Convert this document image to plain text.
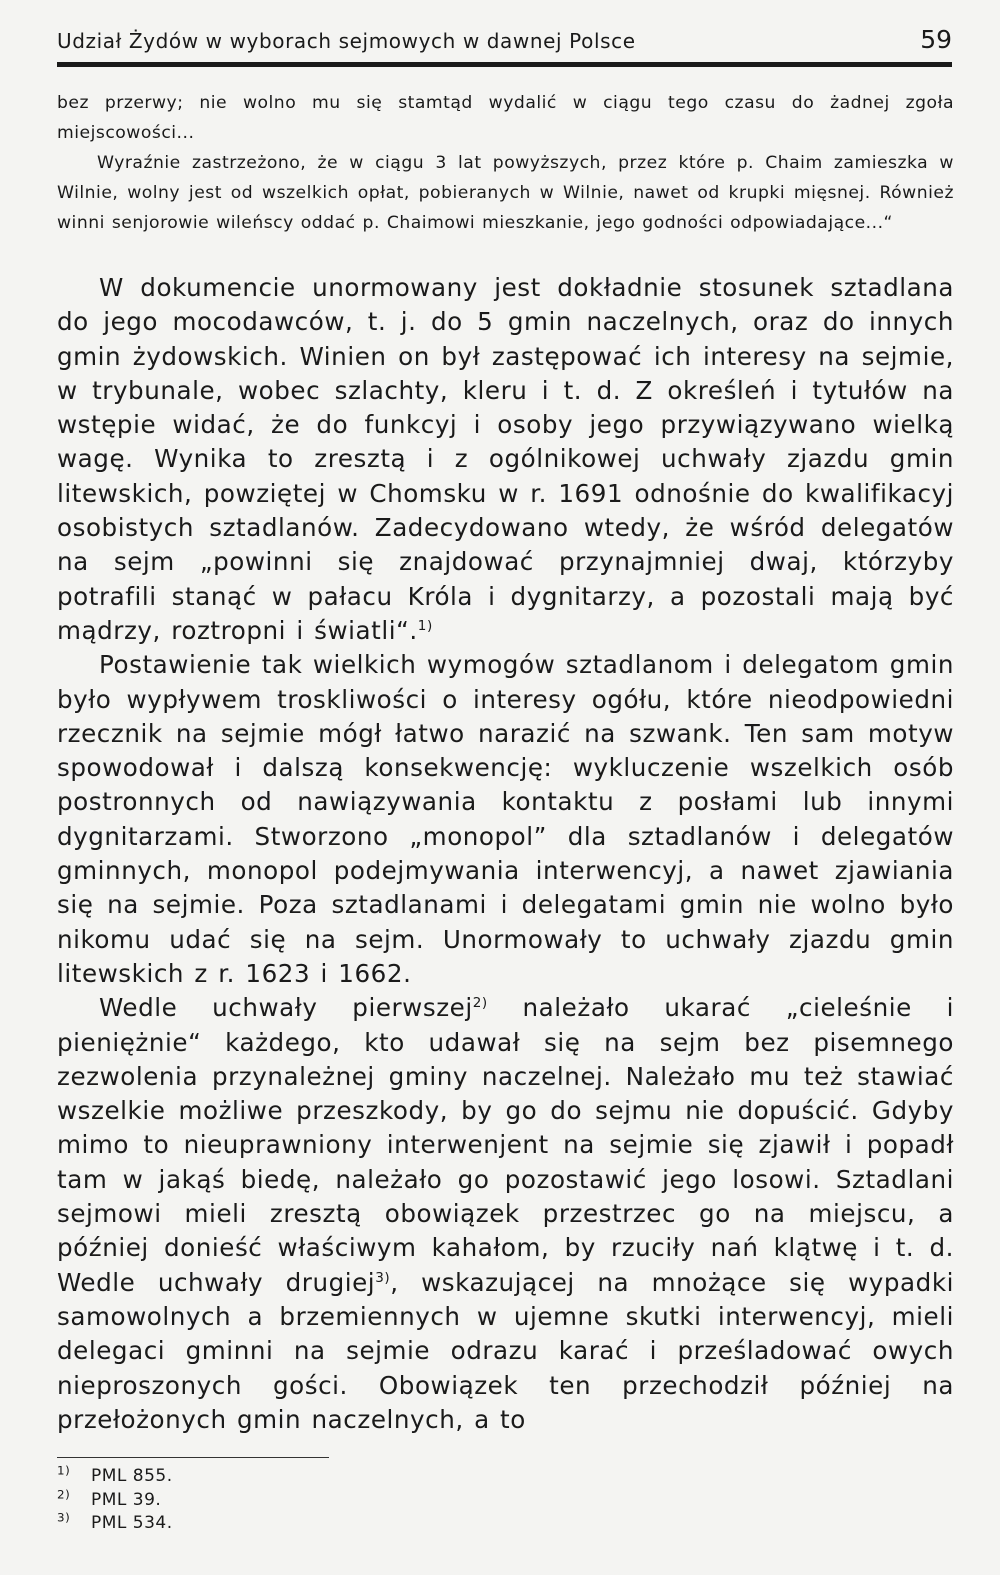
Udział Żydów w wyborach sejmowych w dawnej Polsce	59

bez przerwy; nie wolno mu się stamtąd wydalić w ciągu tego czasu do żadnej zgoła miejscowości...

Wyraźnie zastrzeżono, że w ciągu 3 lat powyższych, przez które p. Chaim zamieszka w Wilnie, wolny jest od wszelkich opłat, pobieranych w Wilnie, nawet od krupki mięsnej. Również winni senjorowie wileńscy oddać p. Chaimowi mieszkanie, jego godności odpowiadające...“

W dokumencie unormowany jest dokładnie stosunek sztadlana do jego mocodawców, t. j. do 5 gmin naczelnych, oraz do innych gmin żydowskich. Winien on był zastępować ich interesy na sejmie, w trybunale, wobec szlachty, kleru i t. d. Z określeń i tytułów na wstępie widać, że do funkcyj i osoby jego przywiązywano wielką wagę. Wynika to zresztą i z ogólnikowej uchwały zjazdu gmin litewskich, powziętej w Chomsku w r. 1691 odnośnie do kwalifikacyj osobistych sztadlanów. Zadecydowano wtedy, że wśród delegatów na sejm „powinni się znajdować przynajmniej dwaj, którzyby potrafili stanąć w pałacu Króla i dygnitarzy, a pozostali mają być mądrzy, roztropni i światli“.$^{1)}$

Postawienie tak wielkich wymogów sztadlanom i delegatom gmin było wypływem troskliwości o interesy ogółu, które nieodpowiedni rzecznik na sejmie mógł łatwo narazić na szwank. Ten sam motyw spowodował i dalszą konsekwencję: wykluczenie wszelkich osób postronnych od nawiązywania kontaktu z posłami lub innymi dygnitarzami. Stworzono „monopol” dla sztadlanów i delegatów gminnych, monopol podejmywania interwencyj, a nawet zjawiania się na sejmie. Poza sztadlanami i delegatami gmin nie wolno było nikomu udać się na sejm. Unormowały to uchwały zjazdu gmin litewskich z r. 1623 i 1662.

Wedle uchwały pierwszej$^{2)}$ należało ukarać „cieleśnie i pieniężnie“ każdego, kto udawał się na sejm bez pisemnego zezwolenia przynależnej gminy naczelnej. Należało mu też stawiać wszelkie możliwe przeszkody, by go do sejmu nie dopuścić. Gdyby mimo to nieuprawniony interwenjent na sejmie się zjawił i popadł tam w jakąś biedę, należało go pozostawić jego losowi. Sztadlani sejmowi mieli zresztą obowiązek przestrzec go na miejscu, a później donieść właściwym kahałom, by rzuciły nań klątwę i t. d. Wedle uchwały drugiej$^{3)}$, wskazującej na mnożące się wypadki samowolnych a brzemiennych w ujemne skutki interwencyj, mieli delegaci gminni na sejmie odrazu karać i prześladować owych nieproszonych gości. Obowiązek ten przechodził później na przełożonych gmin naczelnych, a to

$^{1)}$	PML 855.
$^{2)}$	PML 39.
$^{3)}$	PML 534.
